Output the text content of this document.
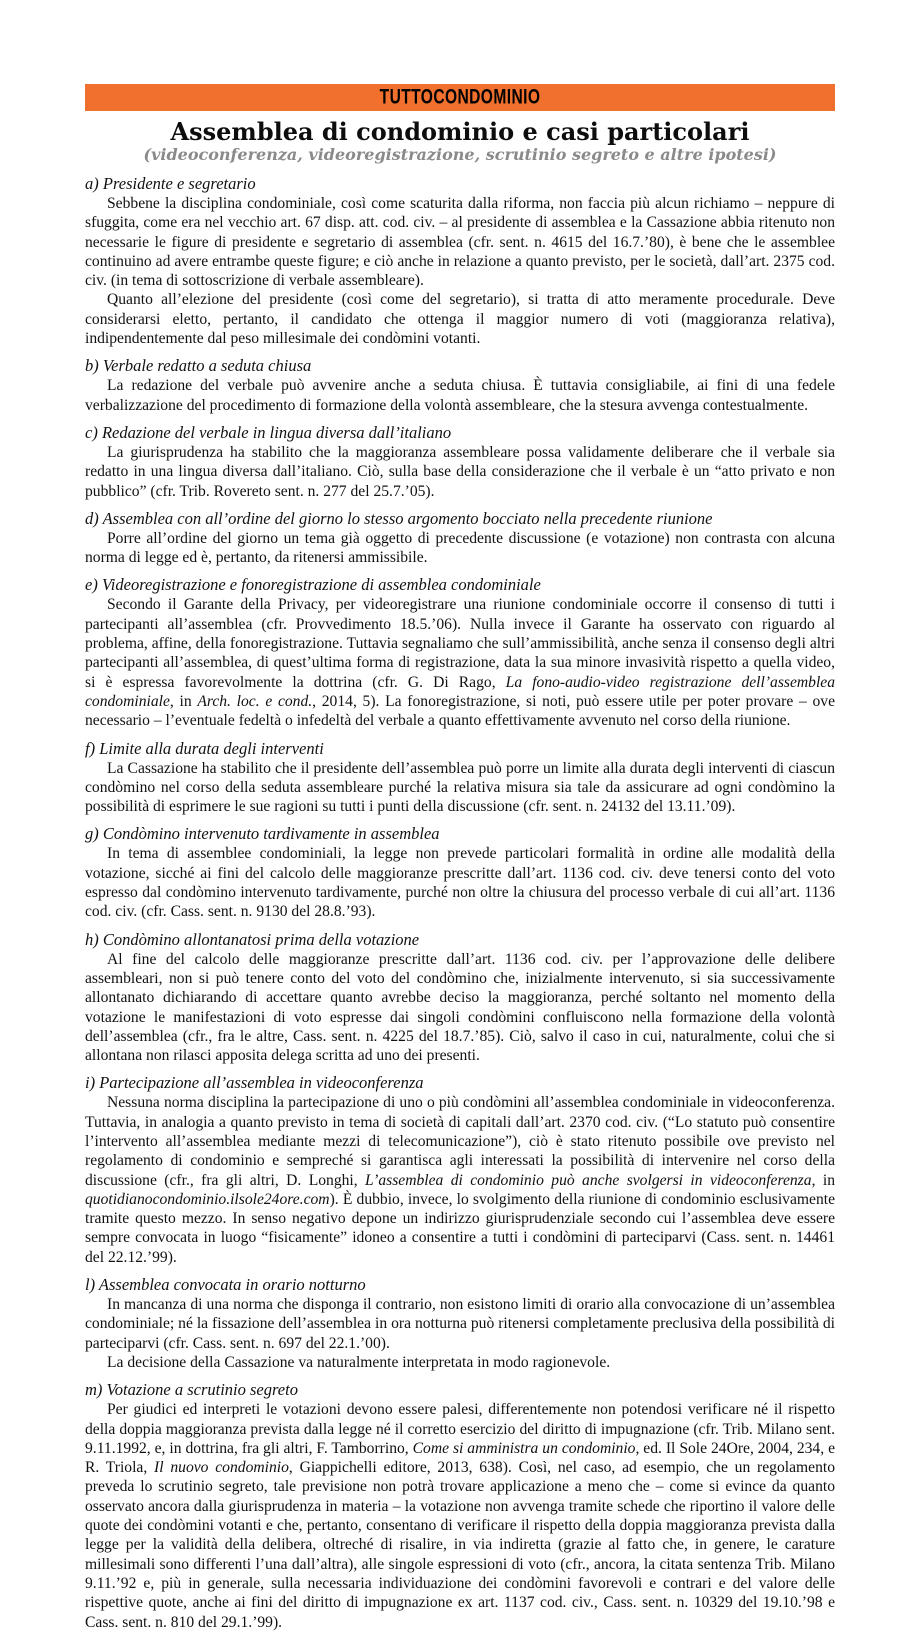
TUTTOCONDOMINIO
Assemblea di condominio e casi particolari
(videoconferenza, videoregistrazione, scrutinio segreto e altre ipotesi)
a) Presidente e segretario

Sebbene la disciplina condominiale, così come scaturita dalla riforma, non faccia più alcun richiamo – neppure di sfuggita, come era nel vecchio art. 67 disp. att. cod. civ. – al presidente di assemblea e la Cassazione abbia ritenuto non necessarie le figure di presidente e segretario di assemblea (cfr. sent. n. 4615 del 16.7.’80), è bene che le assemblee continuino ad avere entrambe queste figure; e ciò anche in relazione a quanto previsto, per le società, dall’art. 2375 cod. civ. (in tema di sottoscrizione di verbale assembleare).

Quanto all’elezione del presidente (così come del segretario), si tratta di atto meramente procedurale. Deve considerarsi eletto, pertanto, il candidato che ottenga il maggior numero di voti (maggioranza relativa), indipendentemente dal peso millesimale dei condòmini votanti.

b) Verbale redatto a seduta chiusa

La redazione del verbale può avvenire anche a seduta chiusa. È tuttavia consigliabile, ai fini di una fedele verbalizzazione del procedimento di formazione della volontà assembleare, che la stesura avvenga contestualmente.

c) Redazione del verbale in lingua diversa dall’italiano

La giurisprudenza ha stabilito che la maggioranza assembleare possa validamente deliberare che il verbale sia redatto in una lingua diversa dall’italiano. Ciò, sulla base della considerazione che il verbale è un “atto privato e non pubblico” (cfr. Trib. Rovereto sent. n. 277 del 25.7.’05).

d) Assemblea con all’ordine del giorno lo stesso argomento bocciato nella precedente riunione

Porre all’ordine del giorno un tema già oggetto di precedente discussione (e votazione) non contrasta con alcuna norma di legge ed è, pertanto, da ritenersi ammissibile.

e) Videoregistrazione e fonoregistrazione di assemblea condominiale

Secondo il Garante della Privacy, per videoregistrare una riunione condominiale occorre il consenso di tutti i partecipanti all’assemblea (cfr. Provvedimento 18.5.’06). Nulla invece il Garante ha osservato con riguardo al problema, affine, della fonoregistrazione. Tuttavia segnaliamo che sull’ammissibilità, anche senza il consenso degli altri partecipanti all’assemblea, di quest’ultima forma di registrazione, data la sua minore invasività rispetto a quella video, si è espressa favorevolmente la dottrina (cfr. G. Di Rago, La fono-audio-video registrazione dell’assemblea condominiale, in Arch. loc. e cond., 2014, 5). La fonoregistrazione, si noti, può essere utile per poter provare – ove necessario – l’eventuale fedeltà o infedeltà del verbale a quanto effettivamente avvenuto nel corso della riunione.

f) Limite alla durata degli interventi

La Cassazione ha stabilito che il presidente dell’assemblea può porre un limite alla durata degli interventi di ciascun condòmino nel corso della seduta assembleare purché la relativa misura sia tale da assicurare ad ogni condòmino la possibilità di esprimere le sue ragioni su tutti i punti della discussione (cfr. sent. n. 24132 del 13.11.’09).

g) Condòmino intervenuto tardivamente in assemblea

In tema di assemblee condominiali, la legge non prevede particolari formalità in ordine alle modalità della votazione, sicché ai fini del calcolo delle maggioranze prescritte dall’art. 1136 cod. civ. deve tenersi conto del voto espresso dal condòmino intervenuto tardivamente, purché non oltre la chiusura del processo verbale di cui all’art. 1136 cod. civ. (cfr. Cass. sent. n. 9130 del 28.8.’93).

h) Condòmino allontanatosi prima della votazione

Al fine del calcolo delle maggioranze prescritte dall’art. 1136 cod. civ. per l’approvazione delle delibere assembleari, non si può tenere conto del voto del condòmino che, inizialmente intervenuto, si sia successivamente allontanato dichiarando di accettare quanto avrebbe deciso la maggioranza, perché soltanto nel momento della votazione le manifestazioni di voto espresse dai singoli condòmini confluiscono nella formazione della volontà dell’assemblea (cfr., fra le altre, Cass. sent. n. 4225 del 18.7.’85). Ciò, salvo il caso in cui, naturalmente, colui che si allontana non rilasci apposita delega scritta ad uno dei presenti.

i) Partecipazione all’assemblea in videoconferenza

Nessuna norma disciplina la partecipazione di uno o più condòmini all’assemblea condominiale in videoconferenza. Tuttavia, in analogia a quanto previsto in tema di società di capitali dall’art. 2370 cod. civ. (“Lo statuto può consentire l’intervento all’assemblea mediante mezzi di telecomunicazione”), ciò è stato ritenuto possibile ove previsto nel regolamento di condominio e sempreché si garantisca agli interessati la possibilità di intervenire nel corso della discussione (cfr., fra gli altri, D. Longhi, L’assemblea di condominio può anche svolgersi in videoconferenza, in quotidianocondominio.ilsole24ore.com). È dubbio, invece, lo svolgimento della riunione di condominio esclusivamente tramite questo mezzo. In senso negativo depone un indirizzo giurisprudenziale secondo cui l’assemblea deve essere sempre convocata in luogo “fisicamente” idoneo a consentire a tutti i condòmini di parteciparvi (Cass. sent. n. 14461 del 22.12.’99).

l) Assemblea convocata in orario notturno

In mancanza di una norma che disponga il contrario, non esistono limiti di orario alla convocazione di un’assemblea condominiale; né la fissazione dell’assemblea in ora notturna può ritenersi completamente preclusiva della possibilità di parteciparvi (cfr. Cass. sent. n. 697 del 22.1.’00).

La decisione della Cassazione va naturalmente interpretata in modo ragionevole.

m) Votazione a scrutinio segreto

Per giudici ed interpreti le votazioni devono essere palesi, differentemente non potendosi verificare né il rispetto della doppia maggioranza prevista dalla legge né il corretto esercizio del diritto di impugnazione (cfr. Trib. Milano sent. 9.11.1992, e, in dottrina, fra gli altri, F. Tamborrino, Come si amministra un condominio, ed. Il Sole 24Ore, 2004, 234, e R. Triola, Il nuovo condominio, Giappichelli editore, 2013, 638). Così, nel caso, ad esempio, che un regolamento preveda lo scrutinio segreto, tale previsione non potrà trovare applicazione a meno che – come si evince da quanto osservato ancora dalla giurisprudenza in materia – la votazione non avvenga tramite schede che riportino il valore delle quote dei condòmini votanti e che, pertanto, consentano di verificare il rispetto della doppia maggioranza prevista dalla legge per la validità della delibera, oltreché di risalire, in via indiretta (grazie al fatto che, in genere, le carature millesimali sono differenti l’una dall’altra), alle singole espressioni di voto (cfr., ancora, la citata sentenza Trib. Milano 9.11.’92 e, più in generale, sulla necessaria individuazione dei condòmini favorevoli e contrari e del valore delle rispettive quote, anche ai fini del diritto di impugnazione ex art. 1137 cod. civ., Cass. sent. n. 10329 del 19.10.’98 e Cass. sent. n. 810 del 29.1.’99).
